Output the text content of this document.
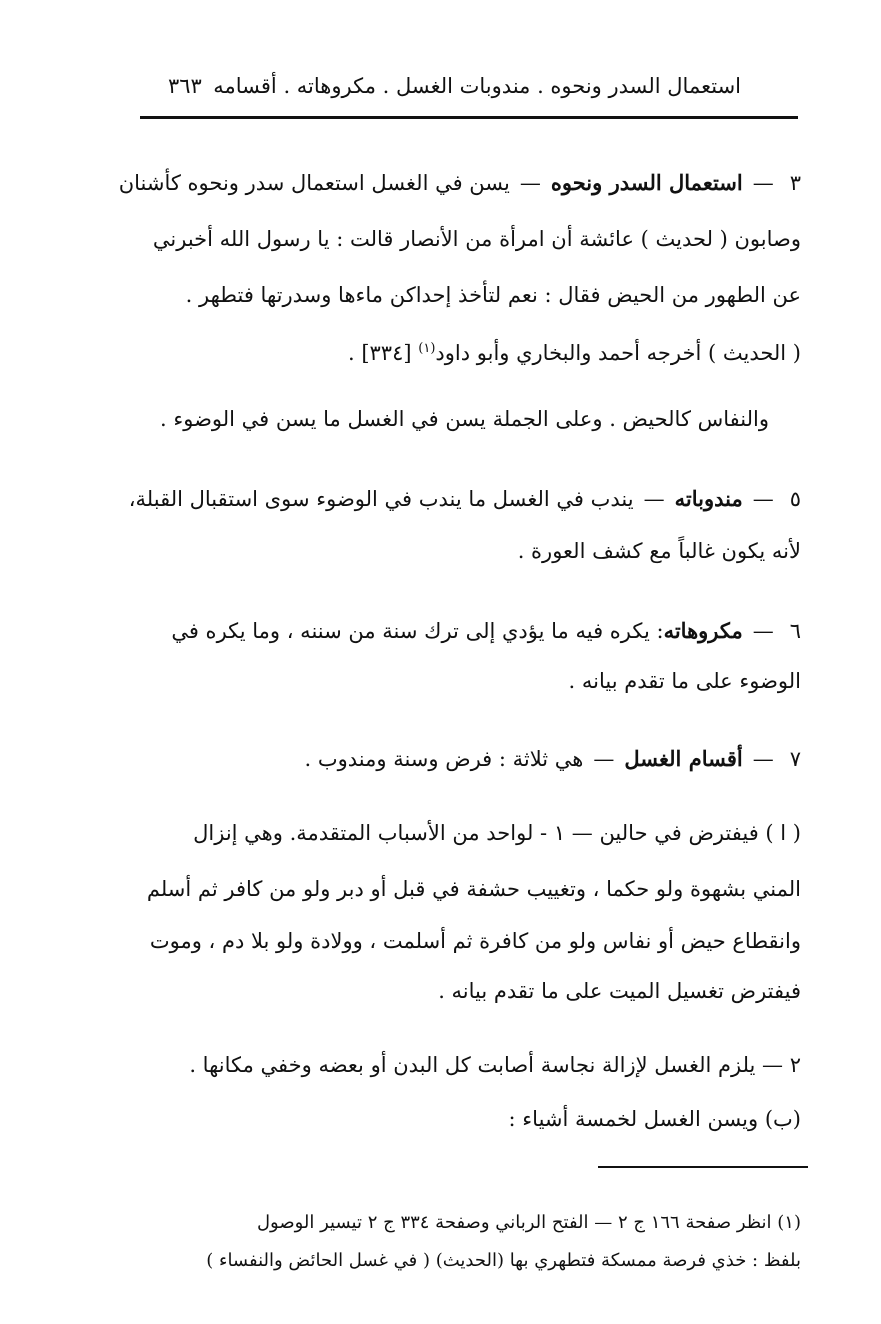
استعمال السدر ونحوه . مندوبات الغسل . مكروهاته . أقسامه
٣٦٣
٣—استعمال السدر ونحوه—يسن في الغسل استعمال سدر ونحوه كأشنان
وصابون ( لحديث ) عائشة أن امرأة من الأنصار قالت : يا رسول الله أخبرني
عن الطهور من الحيض فقال : نعم لتأخذ إحداكن ماءها وسدرتها فتطهر .
( الحديث ) أخرجه أحمد والبخاري وأبو داود$^{(١)}$ [٣٣٤] .
والنفاس كالحيض . وعلى الجملة يسن في الغسل ما يسن في الوضوء .
٥—مندوباته—يندب في الغسل ما يندب في الوضوء سوى استقبال القبلة،
لأنه يكون غالباً مع كشف العورة .
٦—مكروهاته: يكره فيه ما يؤدي إلى ترك سنة من سننه ، وما يكره في
الوضوء على ما تقدم بيانه .
٧—أقسام الغسل—هي ثلاثة : فرض وسنة ومندوب .
( ا ) فيفترض في حالين — ١ - لواحد من الأسباب المتقدمة. وهي إنزال
المني بشهوة ولو حكما ، وتغييب حشفة في قبل أو دبر ولو من كافر ثم أسلم
وانقطاع حيض أو نفاس ولو من كافرة ثم أسلمت ، وولادة ولو بلا دم ، وموت
فيفترض تغسيل الميت على ما تقدم بيانه .
٢ — يلزم الغسل لإزالة نجاسة أصابت كل البدن أو بعضه وخفي مكانها .
(ب) ويسن الغسل لخمسة أشياء :
(١) انظر صفحة ١٦٦ ج ٢ — الفتح الرباني وصفحة ٣٣٤ ج ٢ تيسير الوصول
بلفظ : خذي فرصة ممسكة فتطهري بها (الحديث) ( في غسل الحائض والنفساء )
